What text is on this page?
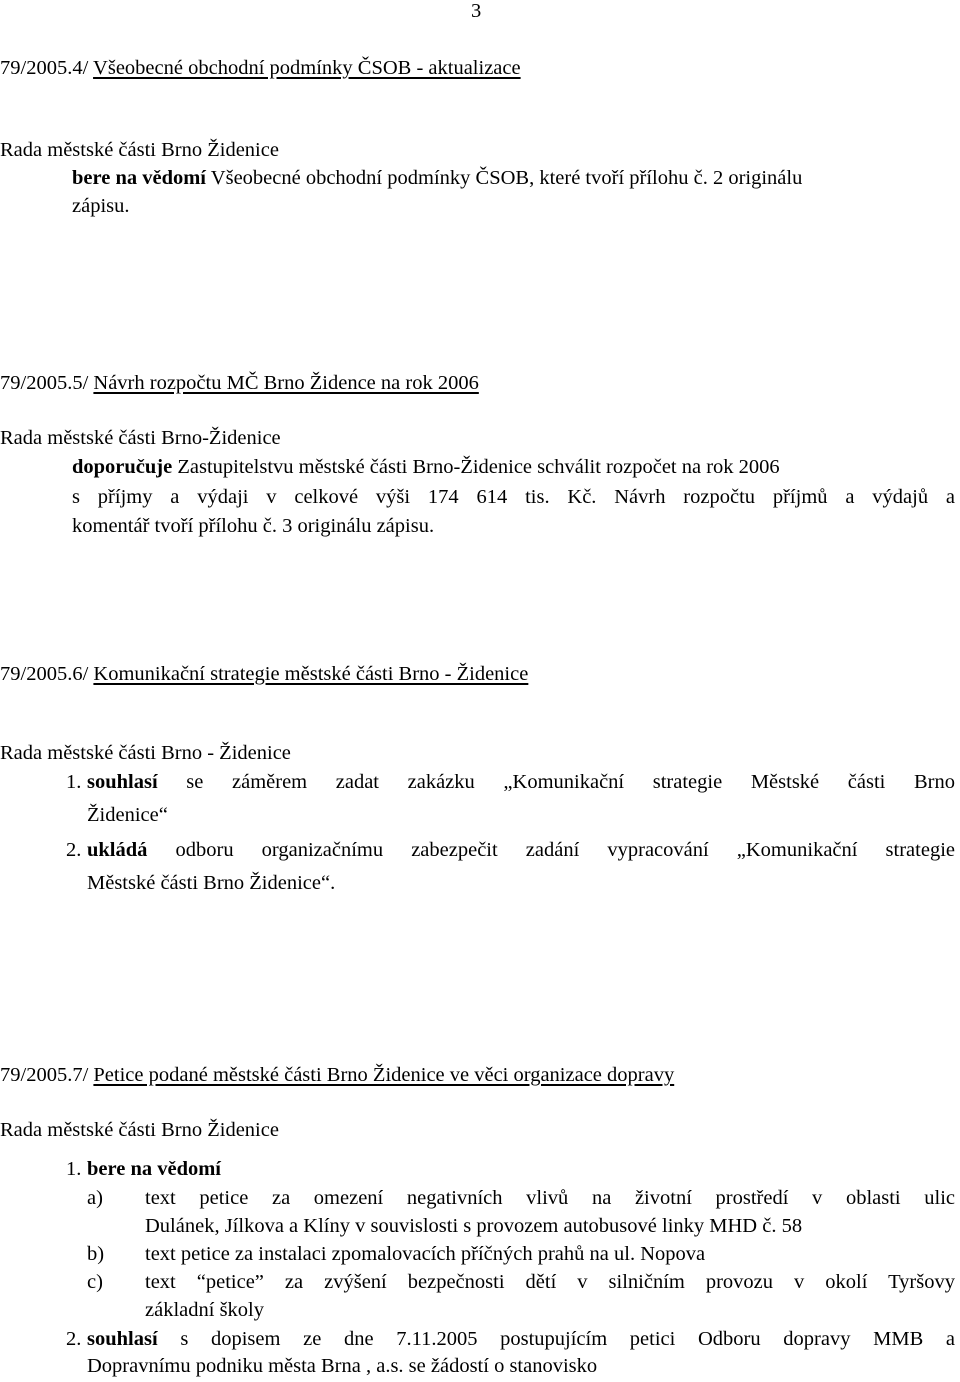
3
79/2005.4/ Všeobecné obchodní podmínky ČSOB - aktualizace
Rada městské části Brno Židenice
bere na vědomí Všeobecné obchodní podmínky ČSOB, které tvoří přílohu č. 2 originálu
zápisu.
79/2005.5/ Návrh rozpočtu MČ Brno Židence na rok 2006
Rada městské části Brno-Židenice
doporučuje Zastupitelstvu městské části Brno-Židenice schválit rozpočet na rok 2006
s příjmy a výdaji v celkové výši 174 614 tis. Kč. Návrh rozpočtu příjmů a výdajů a
komentář tvoří přílohu č. 3 originálu zápisu.
79/2005.6/ Komunikační strategie městské části Brno - Židenice
Rada městské části Brno - Židenice
1. souhlasí se záměrem zadat zakázku „Komunikační strategie Městské části Brno
Židenice“
2. ukládá odboru organizačnímu zabezpečit zadání vypracování „Komunikační strategie
Městské části Brno Židenice“.
79/2005.7/ Petice podané městské části Brno Židenice ve věci organizace dopravy
Rada městské části Brno Židenice
1. bere na vědomí
a) text petice za omezení negativních vlivů na životní prostředí v oblasti ulic
Dulánek, Jílkova a Klíny v souvislosti s provozem autobusové linky MHD č. 58
b) text petice za instalaci zpomalovacích příčných prahů na ul. Nopova
c) text “petice” za zvýšení bezpečnosti dětí v silničním provozu v okolí Tyršovy
základní školy
2. souhlasí s dopisem ze dne 7.11.2005 postupujícím petici Odboru dopravy MMB a
Dopravnímu podniku města Brna , a.s. se žádostí o stanovisko
